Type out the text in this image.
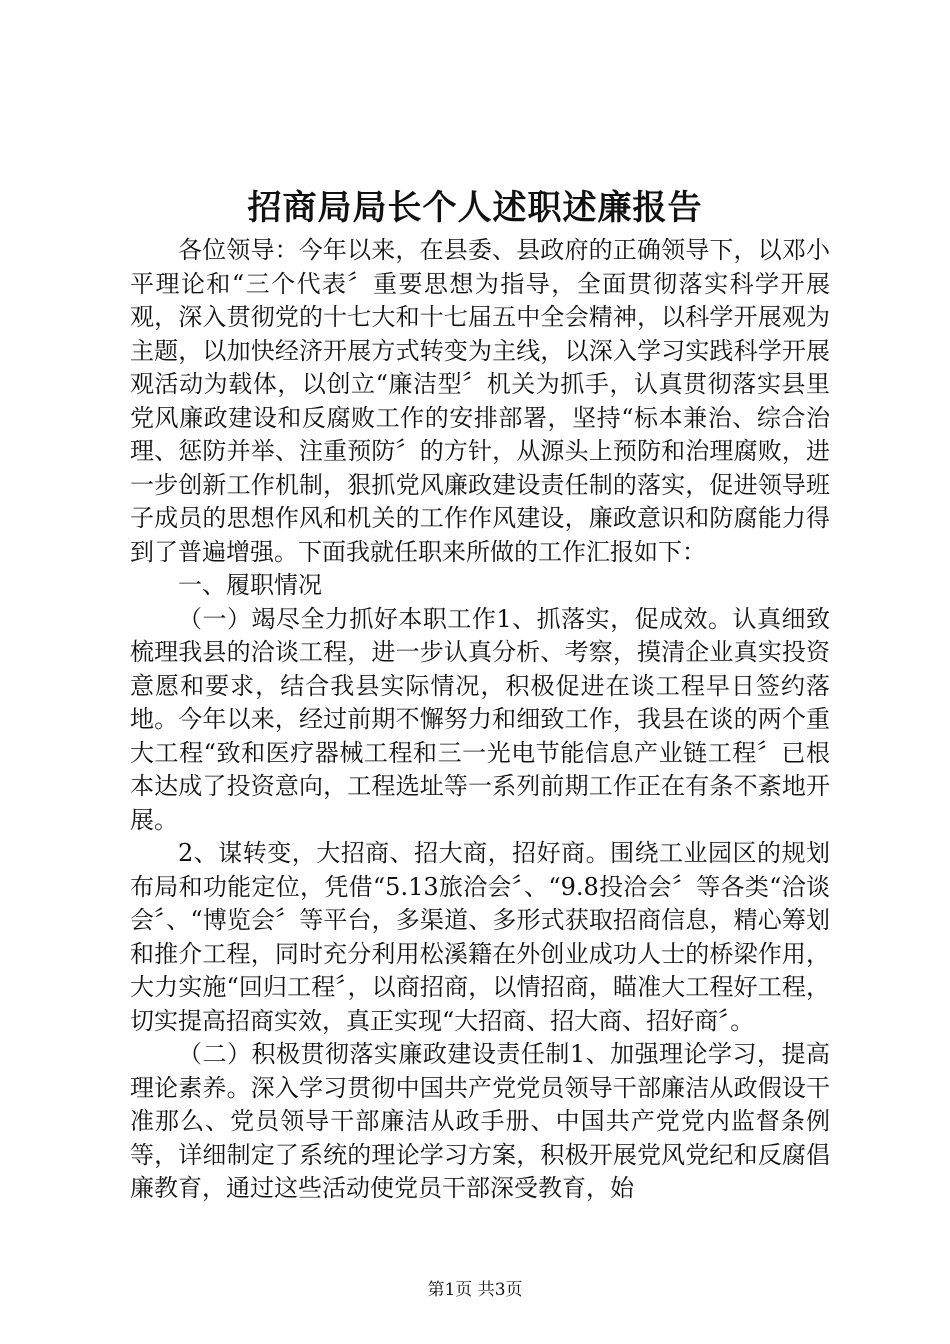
招商局局长个人述职述廉报告

各位领导：今年以来，在县委、县政府的正确领导下，以邓小平理论和“三个代表〞重要思想为指导，全面贯彻落实科学开展观，深入贯彻党的十七大和十七届五中全会精神，以科学开展观为主题，以加快经济开展方式转变为主线，以深入学习实践科学开展观活动为载体，以创立“廉洁型〞机关为抓手，认真贯彻落实县里党风廉政建设和反腐败工作的安排部署，坚持“标本兼治、综合治理、惩防并举、注重预防〞的方针，从源头上预防和治理腐败，进一步创新工作机制，狠抓党风廉政建设责任制的落实，促进领导班子成员的思想作风和机关的工作作风建设，廉政意识和防腐能力得到了普遍增强。下面我就任职来所做的工作汇报如下：

一、履职情况

（一）竭尽全力抓好本职工作1、抓落实，促成效。认真细致梳理我县的洽谈工程，进一步认真分析、考察，摸清企业真实投资意愿和要求，结合我县实际情况，积极促进在谈工程早日签约落地。今年以来，经过前期不懈努力和细致工作，我县在谈的两个重大工程“致和医疗器械工程和三一光电节能信息产业链工程〞已根本达成了投资意向，工程选址等一系列前期工作正在有条不紊地开展。

2、谋转变，大招商、招大商，招好商。围绕工业园区的规划布局和功能定位，凭借“5.13旅洽会〞、“9.8投洽会〞等各类“洽谈会〞、“博览会〞等平台，多渠道、多形式获取招商信息，精心筹划和推介工程，同时充分利用松溪籍在外创业成功人士的桥梁作用，大力实施“回归工程〞，以商招商，以情招商，瞄准大工程好工程，切实提高招商实效，真正实现“大招商、招大商、招好商〞。

（二）积极贯彻落实廉政建设责任制1、加强理论学习，提高理论素养。深入学习贯彻中国共产党党员领导干部廉洁从政假设干准那么、党员领导干部廉洁从政手册、中国共产党党内监督条例等，详细制定了系统的理论学习方案，积极开展党风党纪和反腐倡廉教育，通过这些活动使党员干部深受教育，始

第1页 共3页
